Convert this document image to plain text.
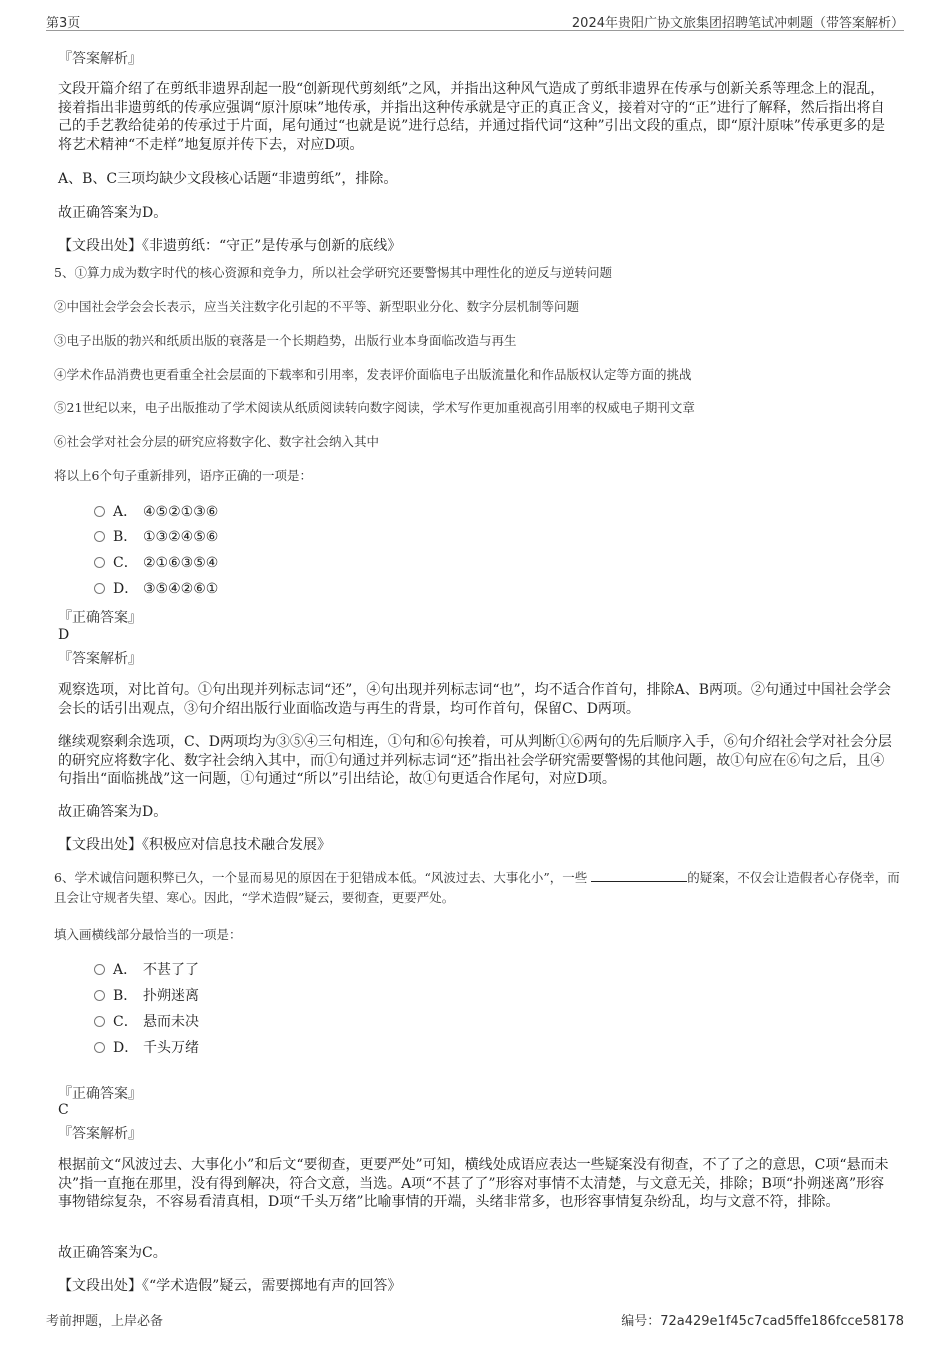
第3页	2024年贵阳广协文旅集团招聘笔试冲刺题（带答案解析）
『答案解析』
文段开篇介绍了在剪纸非遗界刮起一股“创新现代剪刻纸”之风，并指出这种风气造成了剪纸非遗界在传承与创新关系等理念上的混乱，接着指出非遗剪纸的传承应强调“原汁原味”地传承，并指出这种传承就是守正的真正含义，接着对守的“正”进行了解释，然后指出将自己的手艺教给徒弟的传承过于片面，尾句通过“也就是说”进行总结，并通过指代词“这种”引出文段的重点，即“原汁原味”传承更多的是将艺术精神“不走样”地复原并传下去，对应D项。
A、B、C三项均缺少文段核心话题“非遗剪纸”，排除。
故正确答案为D。
【文段出处】《非遗剪纸：“守正”是传承与创新的底线》
5、①算力成为数字时代的核心资源和竞争力，所以社会学研究还要警惕其中理性化的逆反与逆转问题
②中国社会学会会长表示，应当关注数字化引起的不平等、新型职业分化、数字分层机制等问题
③电子出版的勃兴和纸质出版的衰落是一个长期趋势，出版行业本身面临改造与再生
④学术作品消费也更看重全社会层面的下载率和引用率，发表评价面临电子出版流量化和作品版权认定等方面的挑战
⑤21世纪以来，电子出版推动了学术阅读从纸质阅读转向数字阅读，学术写作更加重视高引用率的权威电子期刊文章
⑥社会学对社会分层的研究应将数字化、数字社会纳入其中
将以上6个句子重新排列，语序正确的一项是：
A． ④⑤②①③⑥
B． ①③②④⑤⑥
C． ②①⑥③⑤④
D． ③⑤④②⑥①
『正确答案』
D
『答案解析』
观察选项，对比首句。①句出现并列标志词“还”，④句出现并列标志词“也”，均不适合作首句，排除A、B两项。②句通过中国社会学会会长的话引出观点，③句介绍出版行业面临改造与再生的背景，均可作首句，保留C、D两项。
继续观察剩余选项，C、D两项均为③⑤④三句相连，①句和⑥句挨着，可从判断①⑥两句的先后顺序入手，⑥句介绍社会学对社会分层的研究应将数字化、数字社会纳入其中，而①句通过并列标志词“还”指出社会学研究需要警惕的其他问题，故①句应在⑥句之后，且④句指出“面临挑战”这一问题，①句通过“所以”引出结论，故①句更适合作尾句，对应D项。
故正确答案为D。
【文段出处】《积极应对信息技术融合发展》
6、学术诚信问题积弊已久，一个显而易见的原因在于犯错成本低。“风波过去、大事化小”，一些	的疑案，不仅会让造假者心存侥幸，而且会让守规者失望、寒心。因此，“学术造假”疑云，要彻查，更要严处。
填入画横线部分最恰当的一项是：
A． 不甚了了
B． 扑朔迷离
C． 悬而未决
D． 千头万绪
『正确答案』
C
『答案解析』
根据前文“风波过去、大事化小”和后文“要彻查，更要严处”可知，横线处成语应表达一些疑案没有彻查，不了了之的意思，C项“悬而未决”指一直拖在那里，没有得到解决，符合文意，当选。A项“不甚了了”形容对事情不太清楚，与文意无关，排除；B项“扑朔迷离”形容事物错综复杂，不容易看清真相，D项“千头万绪”比喻事情的开端，头绪非常多，也形容事情复杂纷乱，均与文意不符，排除。
故正确答案为C。
【文段出处】《“学术造假”疑云，需要掷地有声的回答》
考前押题，上岸必备	编号：72a429e1f45c7cad5ffe186fcce58178
